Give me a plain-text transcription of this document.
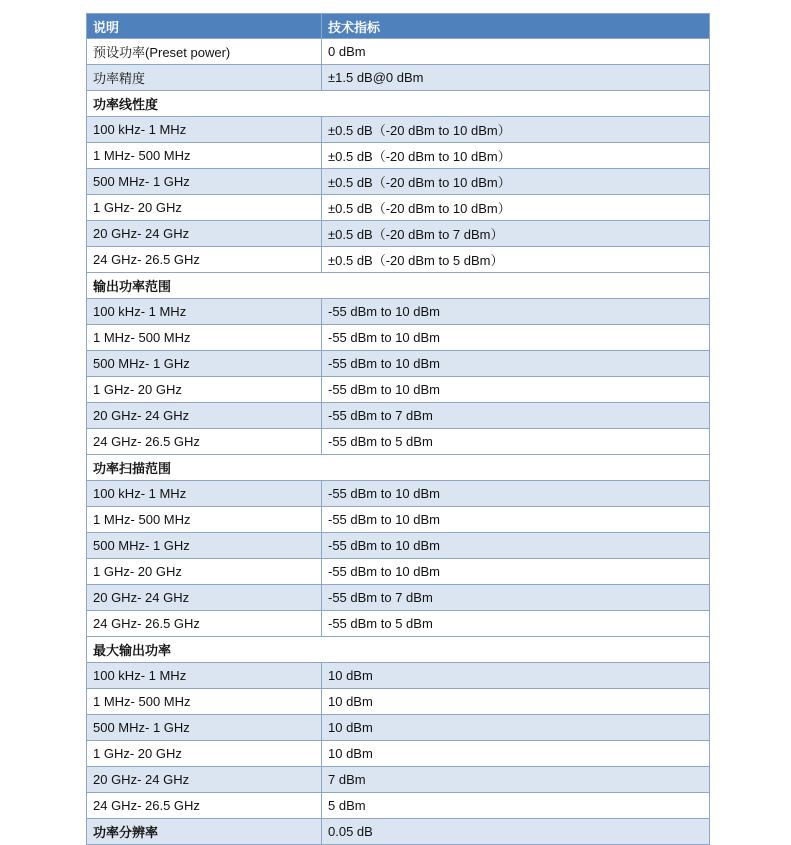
说明	技术指标
预设功率(Preset power)	0 dBm
功率精度	±1.5 dB@0 dBm
功率线性度	
100 kHz- 1 MHz	±0.5 dB（-20 dBm to 10 dBm）
1 MHz- 500 MHz	±0.5 dB（-20 dBm to 10 dBm）
500 MHz- 1 GHz	±0.5 dB（-20 dBm to 10 dBm）
1 GHz- 20 GHz	±0.5 dB（-20 dBm to 10 dBm）
20 GHz- 24 GHz	±0.5 dB（-20 dBm to 7 dBm）
24 GHz- 26.5 GHz	±0.5 dB（-20 dBm to 5 dBm）
输出功率范围	
100 kHz- 1 MHz	-55 dBm to 10 dBm
1 MHz- 500 MHz	-55 dBm to 10 dBm
500 MHz- 1 GHz	-55 dBm to 10 dBm
1 GHz- 20 GHz	-55 dBm to 10 dBm
20 GHz- 24 GHz	-55 dBm to 7 dBm
24 GHz- 26.5 GHz	-55 dBm to 5 dBm
功率扫描范围	
100 kHz- 1 MHz	-55 dBm to 10 dBm
1 MHz- 500 MHz	-55 dBm to 10 dBm
500 MHz- 1 GHz	-55 dBm to 10 dBm
1 GHz- 20 GHz	-55 dBm to 10 dBm
20 GHz- 24 GHz	-55 dBm to 7 dBm
24 GHz- 26.5 GHz	-55 dBm to 5 dBm
最大输出功率	
100 kHz- 1 MHz	10 dBm
1 MHz- 500 MHz	10 dBm
500 MHz- 1 GHz	10 dBm
1 GHz- 20 GHz	10 dBm
20 GHz- 24 GHz	7 dBm
24 GHz- 26.5 GHz	5 dBm
功率分辨率	0.05 dB
